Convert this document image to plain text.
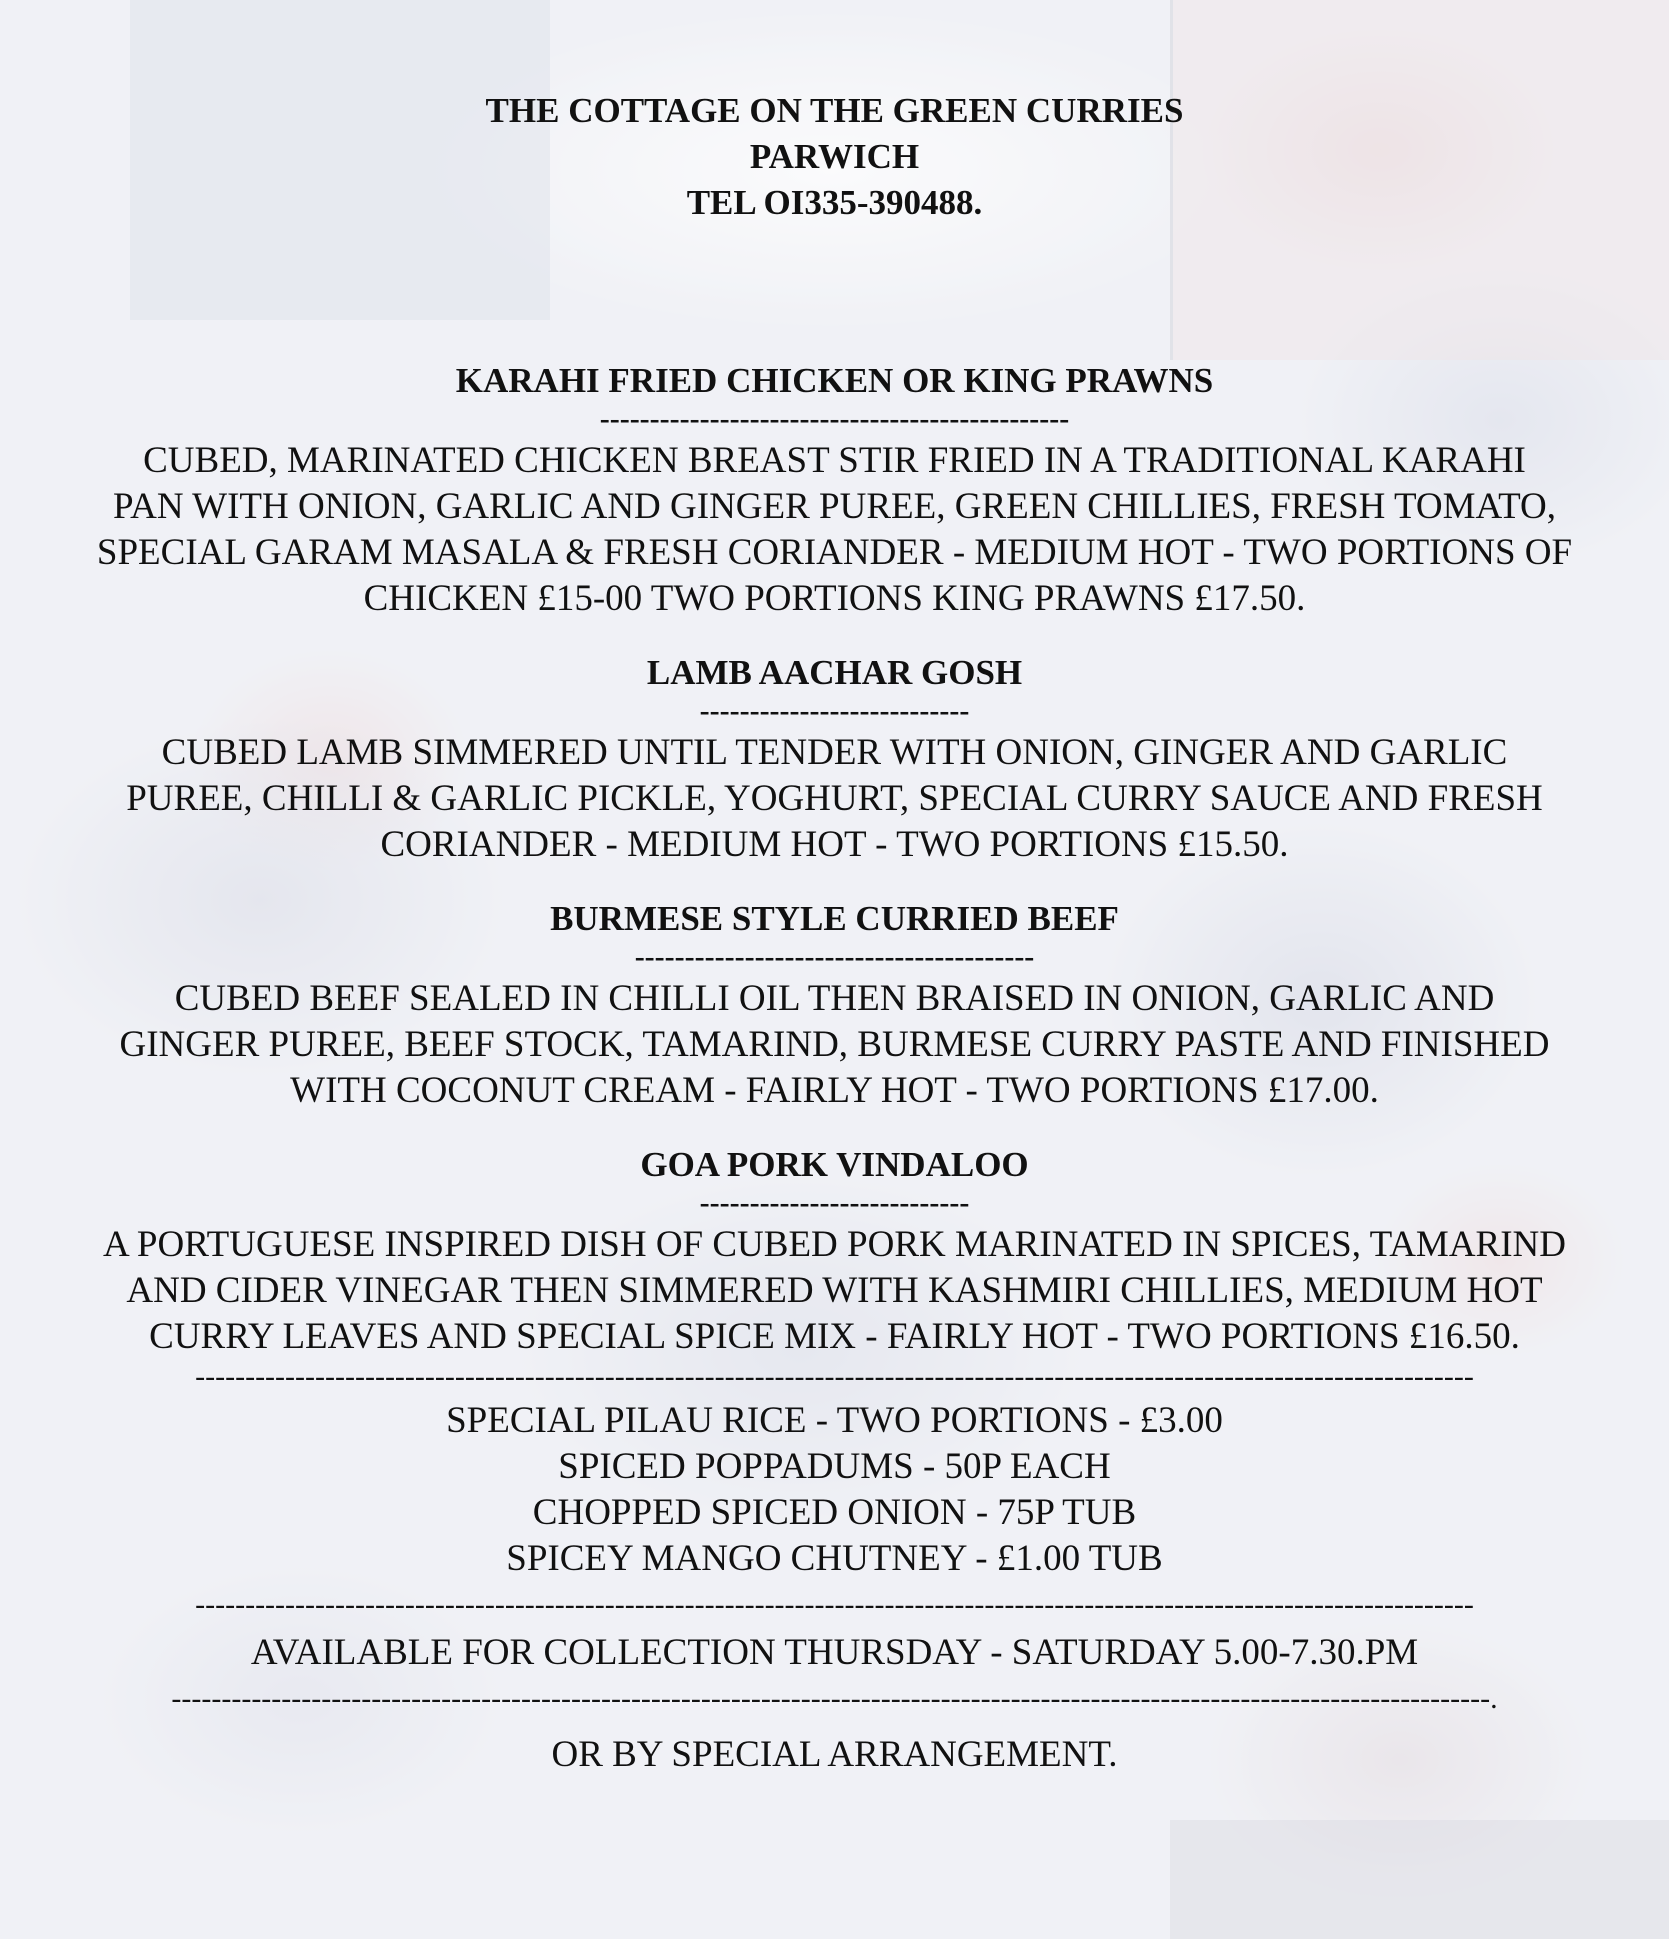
THE COTTAGE ON THE GREEN CURRIES
PARWICH
TEL OI335-390488.
KARAHI FRIED CHICKEN OR KING PRAWNS
-----------------------------------------------
CUBED, MARINATED CHICKEN BREAST STIR FRIED IN A TRADITIONAL KARAHI
PAN WITH ONION, GARLIC AND GINGER PUREE, GREEN CHILLIES, FRESH TOMATO,
SPECIAL GARAM MASALA & FRESH CORIANDER - MEDIUM HOT - TWO PORTIONS OF
CHICKEN £15-00 TWO PORTIONS KING PRAWNS £17.50.
LAMB AACHAR GOSH
---------------------------
CUBED LAMB SIMMERED UNTIL TENDER WITH ONION, GINGER AND GARLIC
PUREE, CHILLI & GARLIC PICKLE, YOGHURT, SPECIAL CURRY SAUCE AND FRESH
CORIANDER - MEDIUM HOT - TWO PORTIONS £15.50.
BURMESE STYLE CURRIED BEEF
----------------------------------------
CUBED BEEF SEALED IN CHILLI OIL THEN BRAISED IN ONION, GARLIC AND
GINGER PUREE, BEEF STOCK, TAMARIND, BURMESE CURRY PASTE AND FINISHED
WITH COCONUT CREAM - FAIRLY HOT - TWO PORTIONS £17.00.
GOA PORK VINDALOO
---------------------------
A PORTUGUESE INSPIRED DISH OF CUBED PORK MARINATED IN SPICES, TAMARIND
AND CIDER VINEGAR THEN SIMMERED WITH KASHMIRI CHILLIES, MEDIUM HOT
CURRY LEAVES AND SPECIAL SPICE MIX - FAIRLY HOT - TWO PORTIONS £16.50.
--------------------------------------------------------------------------------------------------------------------------------
SPECIAL PILAU RICE - TWO PORTIONS - £3.00
SPICED POPPADUMS - 50P EACH
CHOPPED SPICED ONION - 75P TUB
SPICEY MANGO CHUTNEY - £1.00 TUB
--------------------------------------------------------------------------------------------------------------------------------
AVAILABLE FOR COLLECTION THURSDAY - SATURDAY 5.00-7.30.PM
------------------------------------------------------------------------------------------------------------------------------------.
OR BY SPECIAL ARRANGEMENT.
